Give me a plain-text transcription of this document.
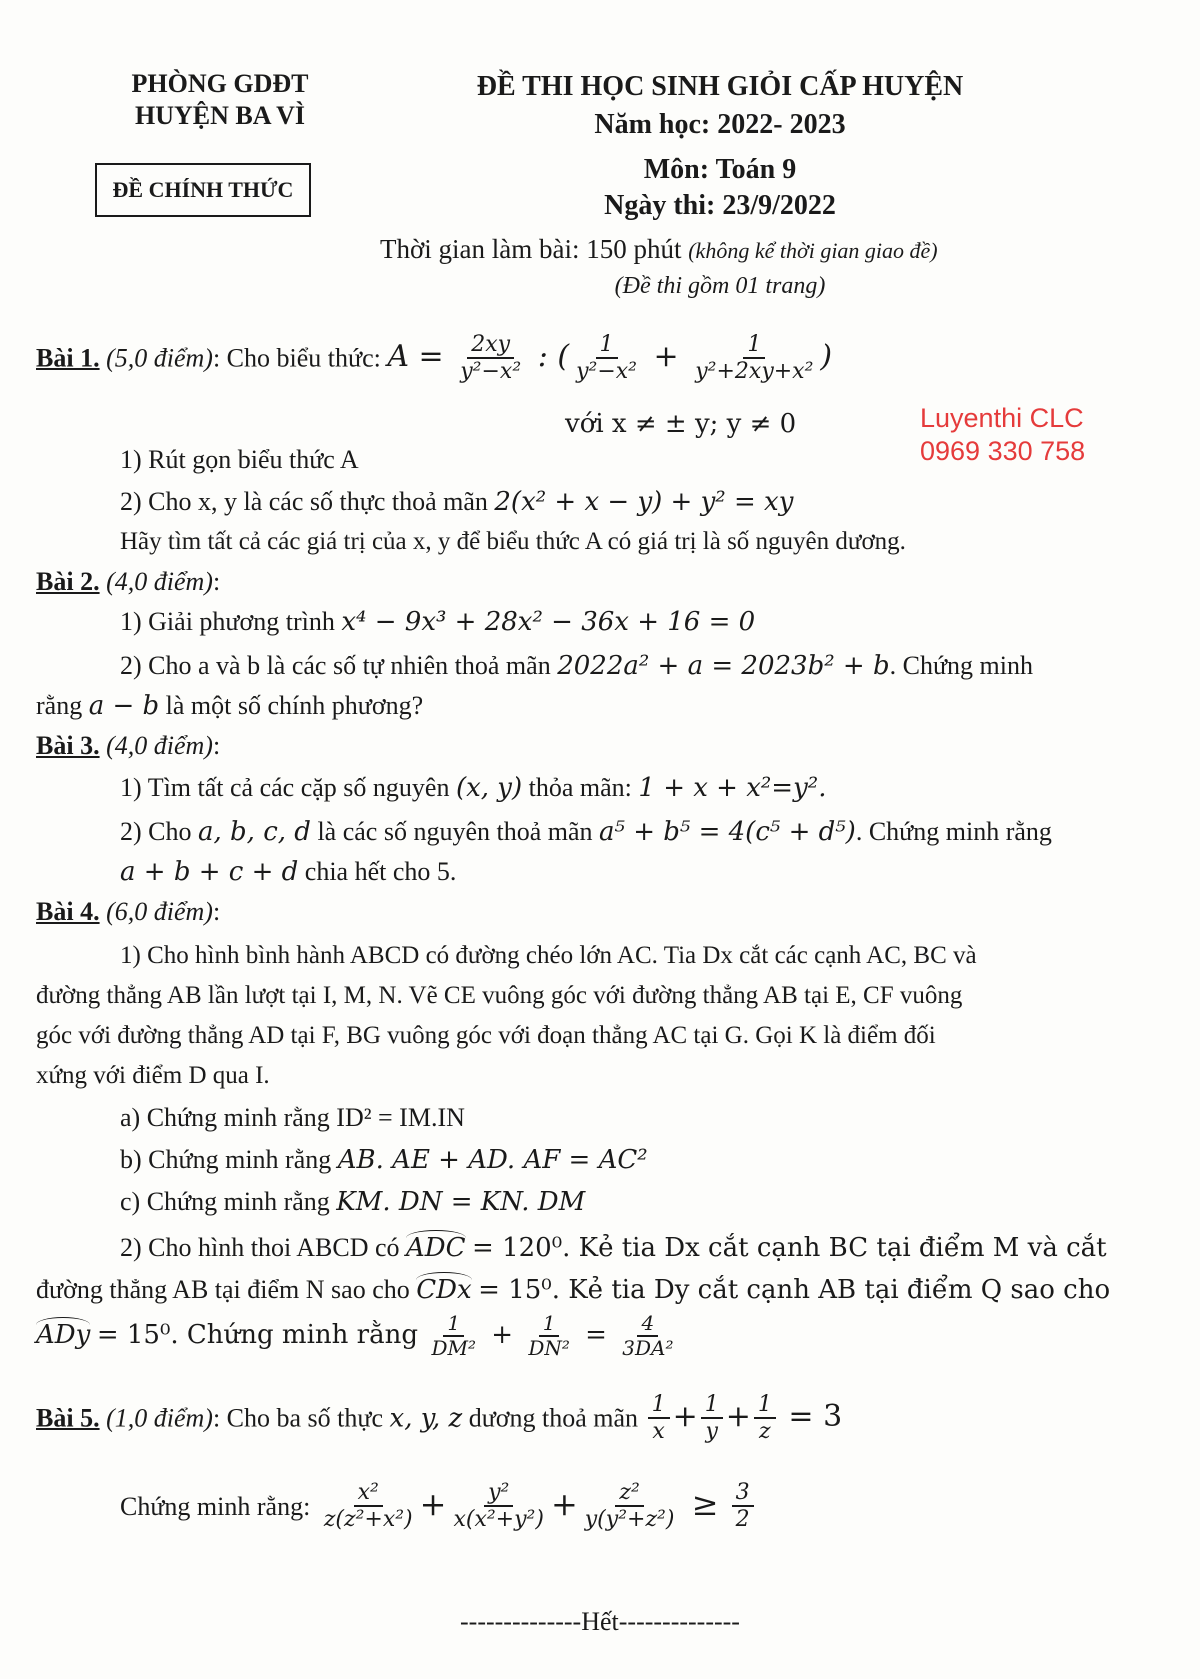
PHÒNG GDĐT
HUYỆN BA VÌ
ĐỀ CHÍNH THỨC
ĐỀ THI HỌC SINH GIỎI CẤP HUYỆN
Năm học: 2022- 2023
Môn: Toán 9
Ngày thi: 23/9/2022
Thời gian làm bài: 150 phút (không kể thời gian giao đề)
(Đề thi gồm 01 trang)
Luyenthi CLC
0969 330 758
Bài 1. (5,0 điểm): Cho biểu thức: $A = \frac{2xy}{\text{y²−x²}}$ : ( $\frac{1}{\text{y²−x²}} + \frac{1}{\text{y²+2xy+x²}}$ )
với x ≠ ± y; y ≠ 0
1) Rút gọn biểu thức A
2) Cho x, y là các số thực thoả mãn 2(x² + x − y) + y² = xy
Hãy tìm tất cả các giá trị của x, y để biểu thức A có giá trị là số nguyên dương.
Bài 2. (4,0 điểm):
1) Giải phương trình x⁴ − 9x³ + 28x² − 36x + 16 = 0
2) Cho a và b là các số tự nhiên thoả mãn 2022a² + a = 2023b² + b. Chứng minh
rằng a − b là một số chính phương?
Bài 3. (4,0 điểm):
1) Tìm tất cả các cặp số nguyên (x, y) thỏa mãn: 1 + x + x²=y².
2) Cho a, b, c, d là các số nguyên thoả mãn a⁵ + b⁵ = 4(c⁵ + d⁵). Chứng minh rằng
a + b + c + d chia hết cho 5.
Bài 4. (6,0 điểm):
1) Cho hình bình hành ABCD có đường chéo lớn AC. Tia Dx cắt các cạnh AC, BC và
đường thẳng AB lần lượt tại I, M, N. Vẽ CE vuông góc với đường thẳng AB tại E, CF vuông
góc với đường thẳng AD tại F, BG vuông góc với đoạn thẳng AC tại G. Gọi K là điểm đối
xứng với điểm D qua I.
a) Chứng minh rằng ID² = IM.IN
b) Chứng minh rằng AB. AE + AD. AF = AC²
c) Chứng minh rằng KM. DN = KN. DM
2) Cho hình thoi ABCD có ADC = 120⁰. Kẻ tia Dx cắt cạnh BC tại điểm M và cắt
đường thẳng AB tại điểm N sao cho CDx = 15⁰. Kẻ tia Dy cắt cạnh AB tại điểm Q sao cho
ADy = 15⁰. Chứng minh rằng $\frac{1}{\text{DM²}} + \frac{1}{\text{DN²}} = \frac{4}{\text{3DA²}}$
Bài 5. (1,0 điểm): Cho ba số thực x, y, z dương thoả mãn $\frac{1}{x} + \frac{1}{y} + \frac{1}{z} = 3$
Chứng minh rằng: $\frac{\text{x²}}{\text{z(z²+x²)}} + \frac{\text{y²}}{\text{x(x²+y²)}} + \frac{\text{z²}}{\text{y(y²+z²)}} \ge \frac{3}{2}$
--------------Hết--------------
